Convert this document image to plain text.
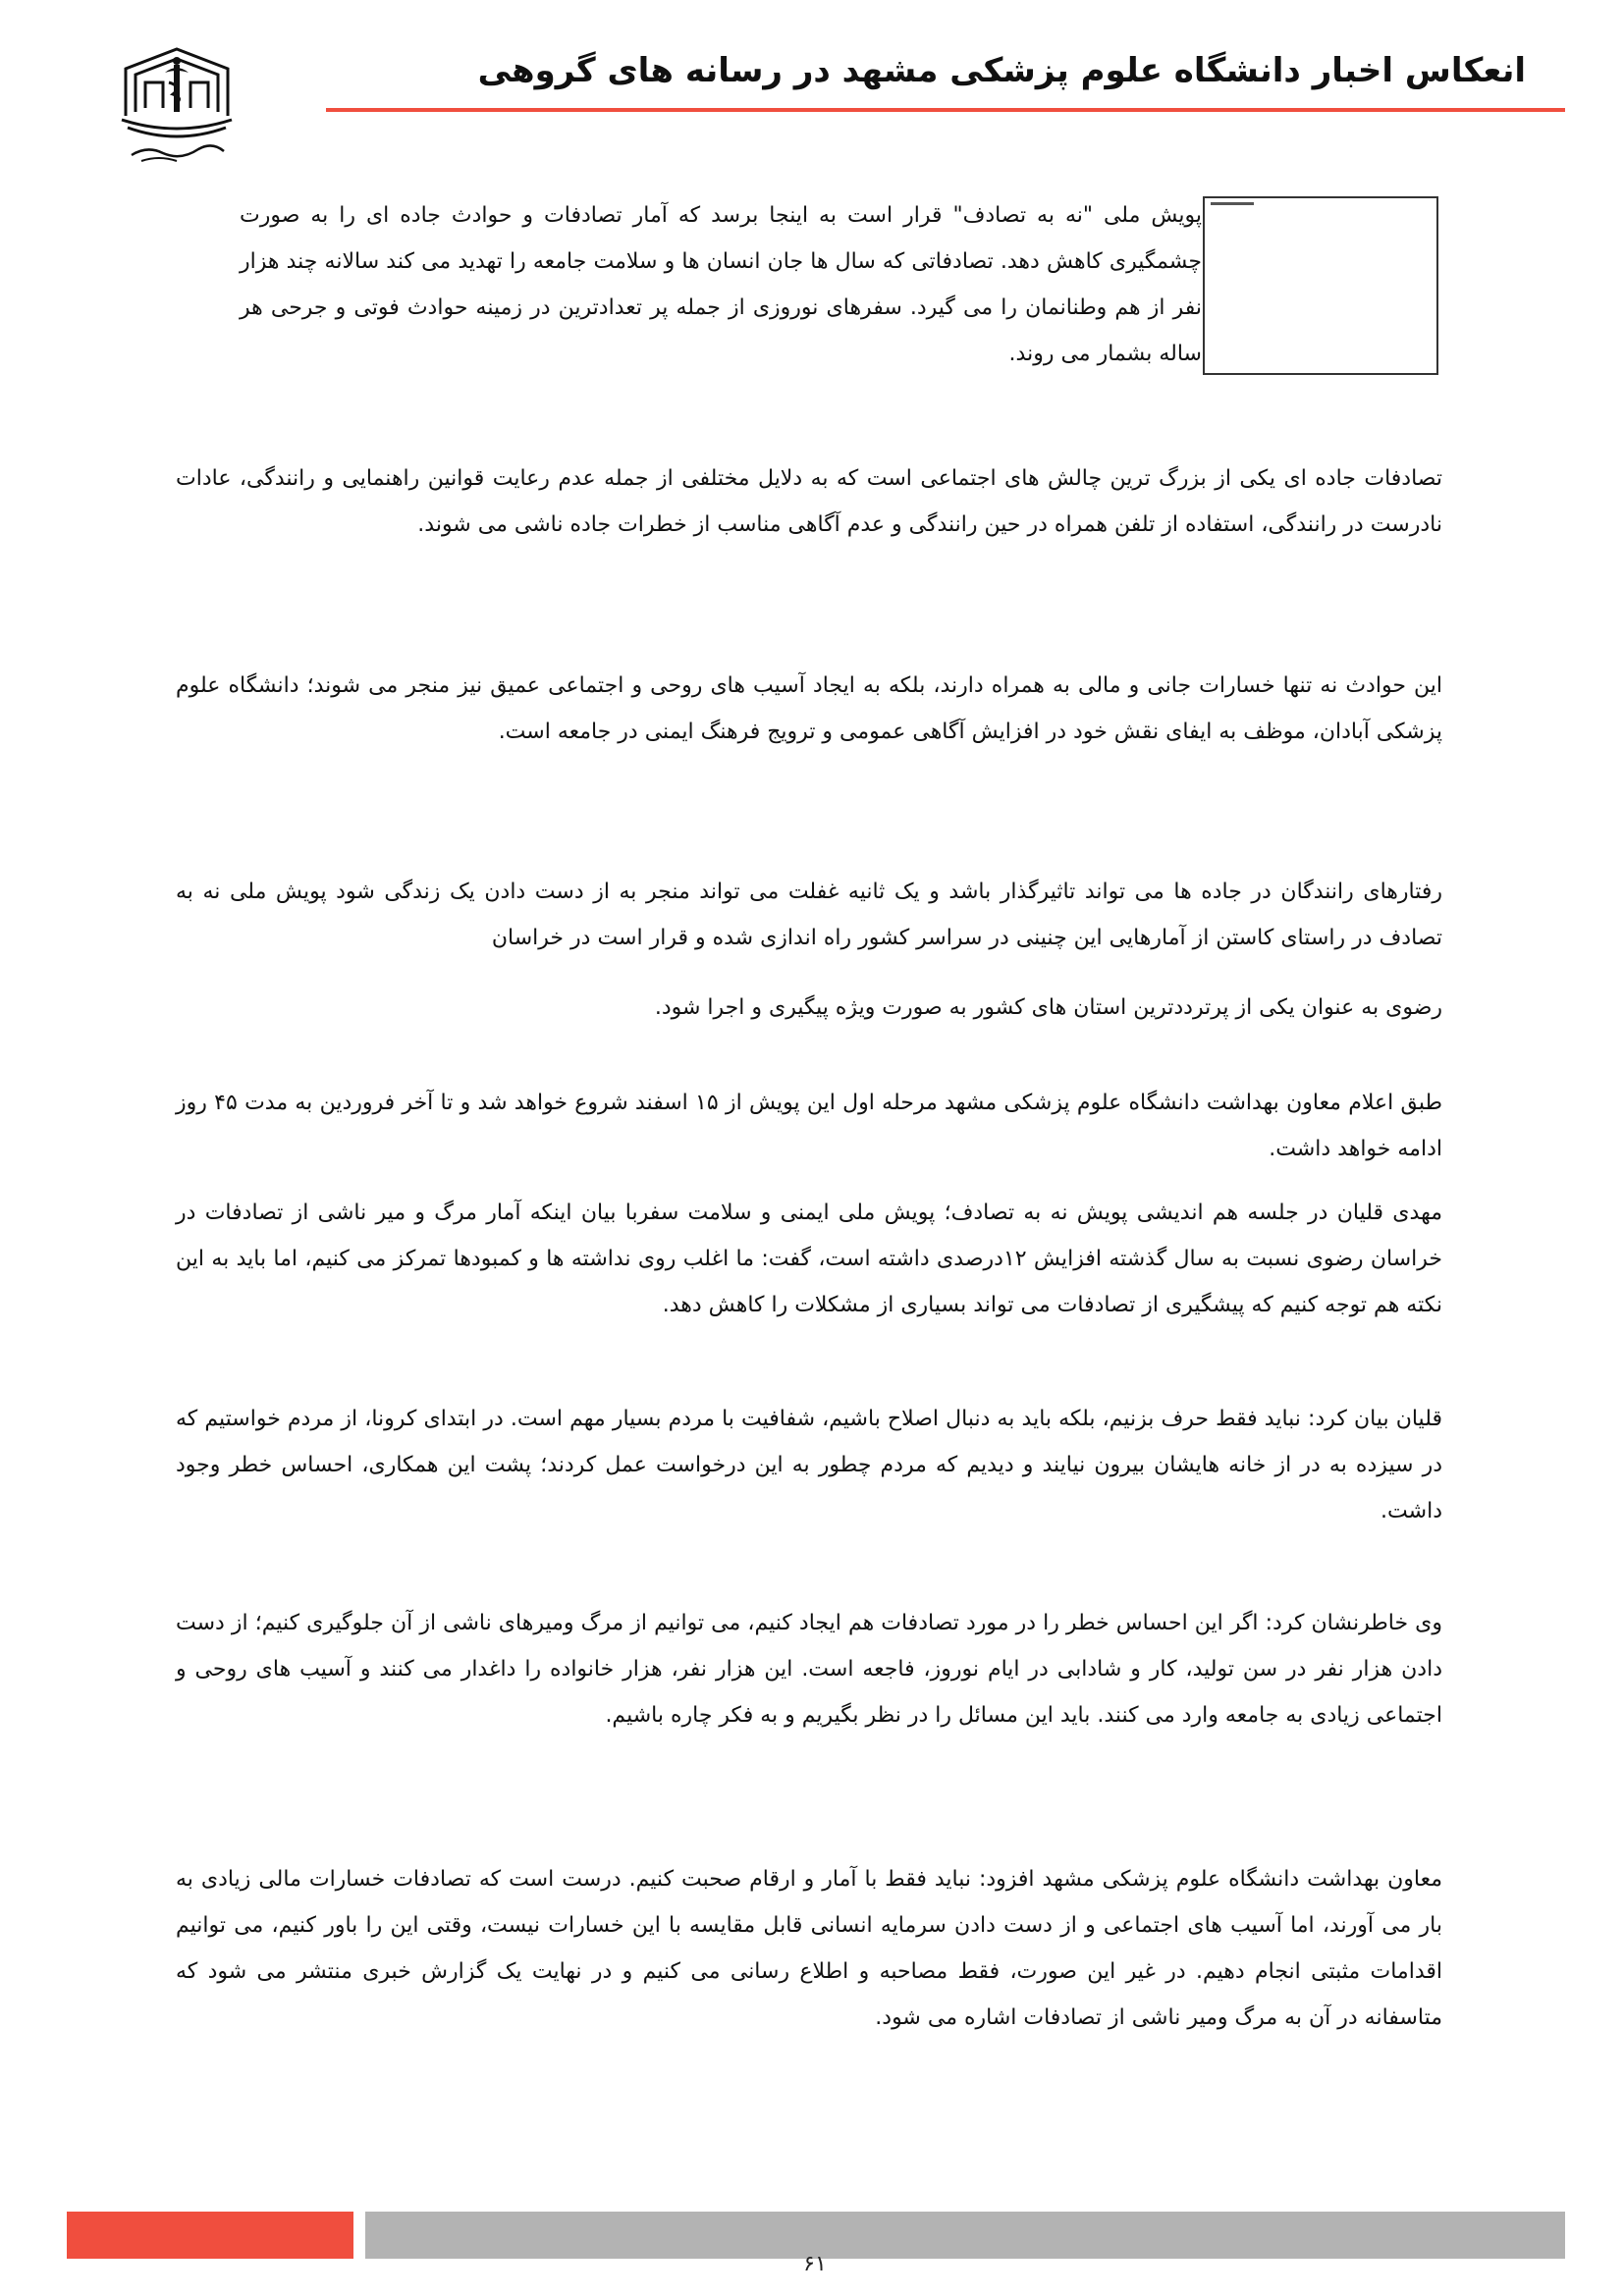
انعکاس اخبار دانشگاه علوم پزشکی مشهد در رسانه های گروهی

پویش ملی "نه به تصادف" قرار است به اینجا برسد که آمار تصادفات و حوادث جاده ای را به صورت چشمگیری کاهش دهد. تصادفاتی که سال ها جان انسان ها و سلامت جامعه را تهدید می کند سالانه چند هزار نفر از هم وطنانمان را می گیرد. سفرهای نوروزی از جمله پر تعدادترین در زمینه حوادث فوتی و جرحی هر ساله بشمار می روند.

تصادفات جاده ای یکی از بزرگ ترین چالش های اجتماعی است که به دلایل مختلفی از جمله عدم رعایت قوانین راهنمایی و رانندگی، عادات نادرست در رانندگی، استفاده از تلفن همراه در حین رانندگی و عدم آگاهی مناسب از خطرات جاده ناشی می شوند.

این حوادث نه تنها خسارات جانی و مالی به همراه دارند، بلکه به ایجاد آسیب های روحی و اجتماعی عمیق نیز منجر می شوند؛ دانشگاه علوم پزشکی آبادان، موظف به ایفای نقش خود در افزایش آگاهی عمومی و ترویج فرهنگ ایمنی در جامعه است.

رفتارهای رانندگان در جاده ها می تواند تاثیرگذار باشد و یک ثانیه غفلت می تواند منجر به از دست دادن یک زندگی شود پویش ملی نه به تصادف در راستای کاستن از آمارهایی این چنینی در سراسر کشور راه اندازی شده و قرار است در خراسان

رضوی به عنوان یکی از پرترددترین استان های کشور به صورت ویژه پیگیری و اجرا شود.

طبق اعلام معاون بهداشت دانشگاه علوم پزشکی مشهد مرحله اول این پویش از ۱۵ اسفند شروع خواهد شد و تا آخر فروردین به مدت ۴۵ روز ادامه خواهد داشت.

مهدی قلیان در جلسه هم اندیشی پویش نه به تصادف؛ پویش ملی ایمنی و سلامت سفربا بیان اینکه آمار مرگ و میر ناشی از تصادفات در خراسان رضوی نسبت به سال گذشته افزایش ۱۲درصدی داشته است، گفت: ما اغلب روی نداشته ها و کمبودها تمرکز می کنیم، اما باید به این نکته هم توجه کنیم که پیشگیری از تصادفات می تواند بسیاری از مشکلات را کاهش دهد.

قلیان بیان کرد: نباید فقط حرف بزنیم، بلکه باید به دنبال اصلاح باشیم، شفافیت با مردم بسیار مهم است. در ابتدای کرونا، از مردم خواستیم که در سیزده به در از خانه هایشان بیرون نیایند و دیدیم که مردم چطور به این درخواست عمل کردند؛ پشت این همکاری، احساس خطر وجود داشت.

وی خاطرنشان کرد: اگر این احساس خطر را در مورد تصادفات هم ایجاد کنیم، می توانیم از مرگ ومیرهای ناشی از آن جلوگیری کنیم؛ از دست دادن هزار نفر در سن تولید، کار و شادابی در ایام نوروز، فاجعه است. این هزار نفر، هزار خانواده را داغدار می کنند و آسیب های روحی و اجتماعی زیادی به جامعه وارد می کنند. باید این مسائل را در نظر بگیریم و به فکر چاره باشیم.

معاون بهداشت دانشگاه علوم پزشکی مشهد افزود: نباید فقط با آمار و ارقام صحبت کنیم. درست است که تصادفات خسارات مالی زیادی به بار می آورند، اما آسیب های اجتماعی و از دست دادن سرمایه انسانی قابل مقایسه با این خسارات نیست، وقتی این را باور کنیم، می توانیم اقدامات مثبتی انجام دهیم. در غیر این صورت، فقط مصاحبه و اطلاع رسانی می کنیم و در نهایت یک گزارش خبری منتشر می شود که متاسفانه در آن به مرگ ومیر ناشی از تصادفات اشاره می شود.

۶۱
